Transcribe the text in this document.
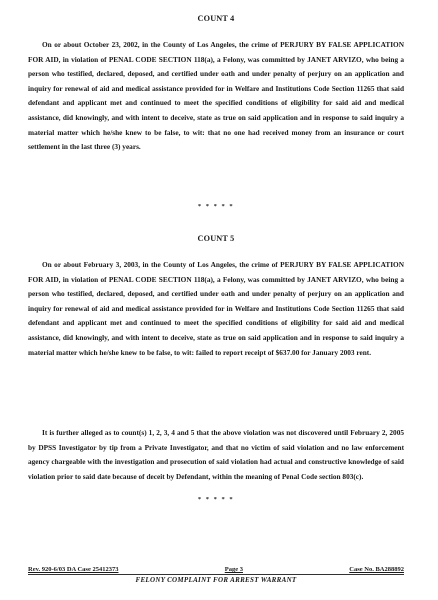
COUNT 4

On or about October 23, 2002, in the County of Los Angeles, the crime of PERJURY BY FALSE APPLICATION FOR AID, in violation of PENAL CODE SECTION 118(a), a Felony, was committed by JANET ARVIZO, who being a person who testified, declared, deposed, and certified under oath and under penalty of perjury on an application and inquiry for renewal of aid and medical assistance provided for in Welfare and Institutions Code Section 11265 that said defendant and applicant met and continued to meet the specified conditions of eligibility for said aid and medical assistance, did knowingly, and with intent to deceive, state as true on said application and in response to said inquiry a material matter which he/she knew to be false, to wit: that no one had received money from an insurance or court settlement in the last three (3) years.

* * * * *
COUNT 5

On or about February 3, 2003, in the County of Los Angeles, the crime of PERJURY BY FALSE APPLICATION FOR AID, in violation of PENAL CODE SECTION 118(a), a Felony, was committed by JANET ARVIZO, who being a person who testified, declared, deposed, and certified under oath and under penalty of perjury on an application and inquiry for renewal of aid and medical assistance provided for in Welfare and Institutions Code Section 11265 that said defendant and applicant met and continued to meet the specified conditions of eligibility for said aid and medical assistance, did knowingly, and with intent to deceive, state as true on said application and in response to said inquiry a material matter which he/she knew to be false, to wit: failed to report receipt of $637.00 for January 2003 rent.

It is further alleged as to count(s) 1, 2, 3, 4 and 5 that the above violation was not discovered until February 2, 2005 by DPSS Investigator by tip from a Private Investigator, and that no victim of said violation and no law enforcement agency chargeable with the investigation and prosecution of said violation had actual and constructive knowledge of said violation prior to said date because of deceit by Defendant, within the meaning of Penal Code section 803(c).

* * * * *
Rev. 920-6/03 DA Case 25412373	Page 3	Case No. BA288892
FELONY COMPLAINT FOR ARREST WARRANT
